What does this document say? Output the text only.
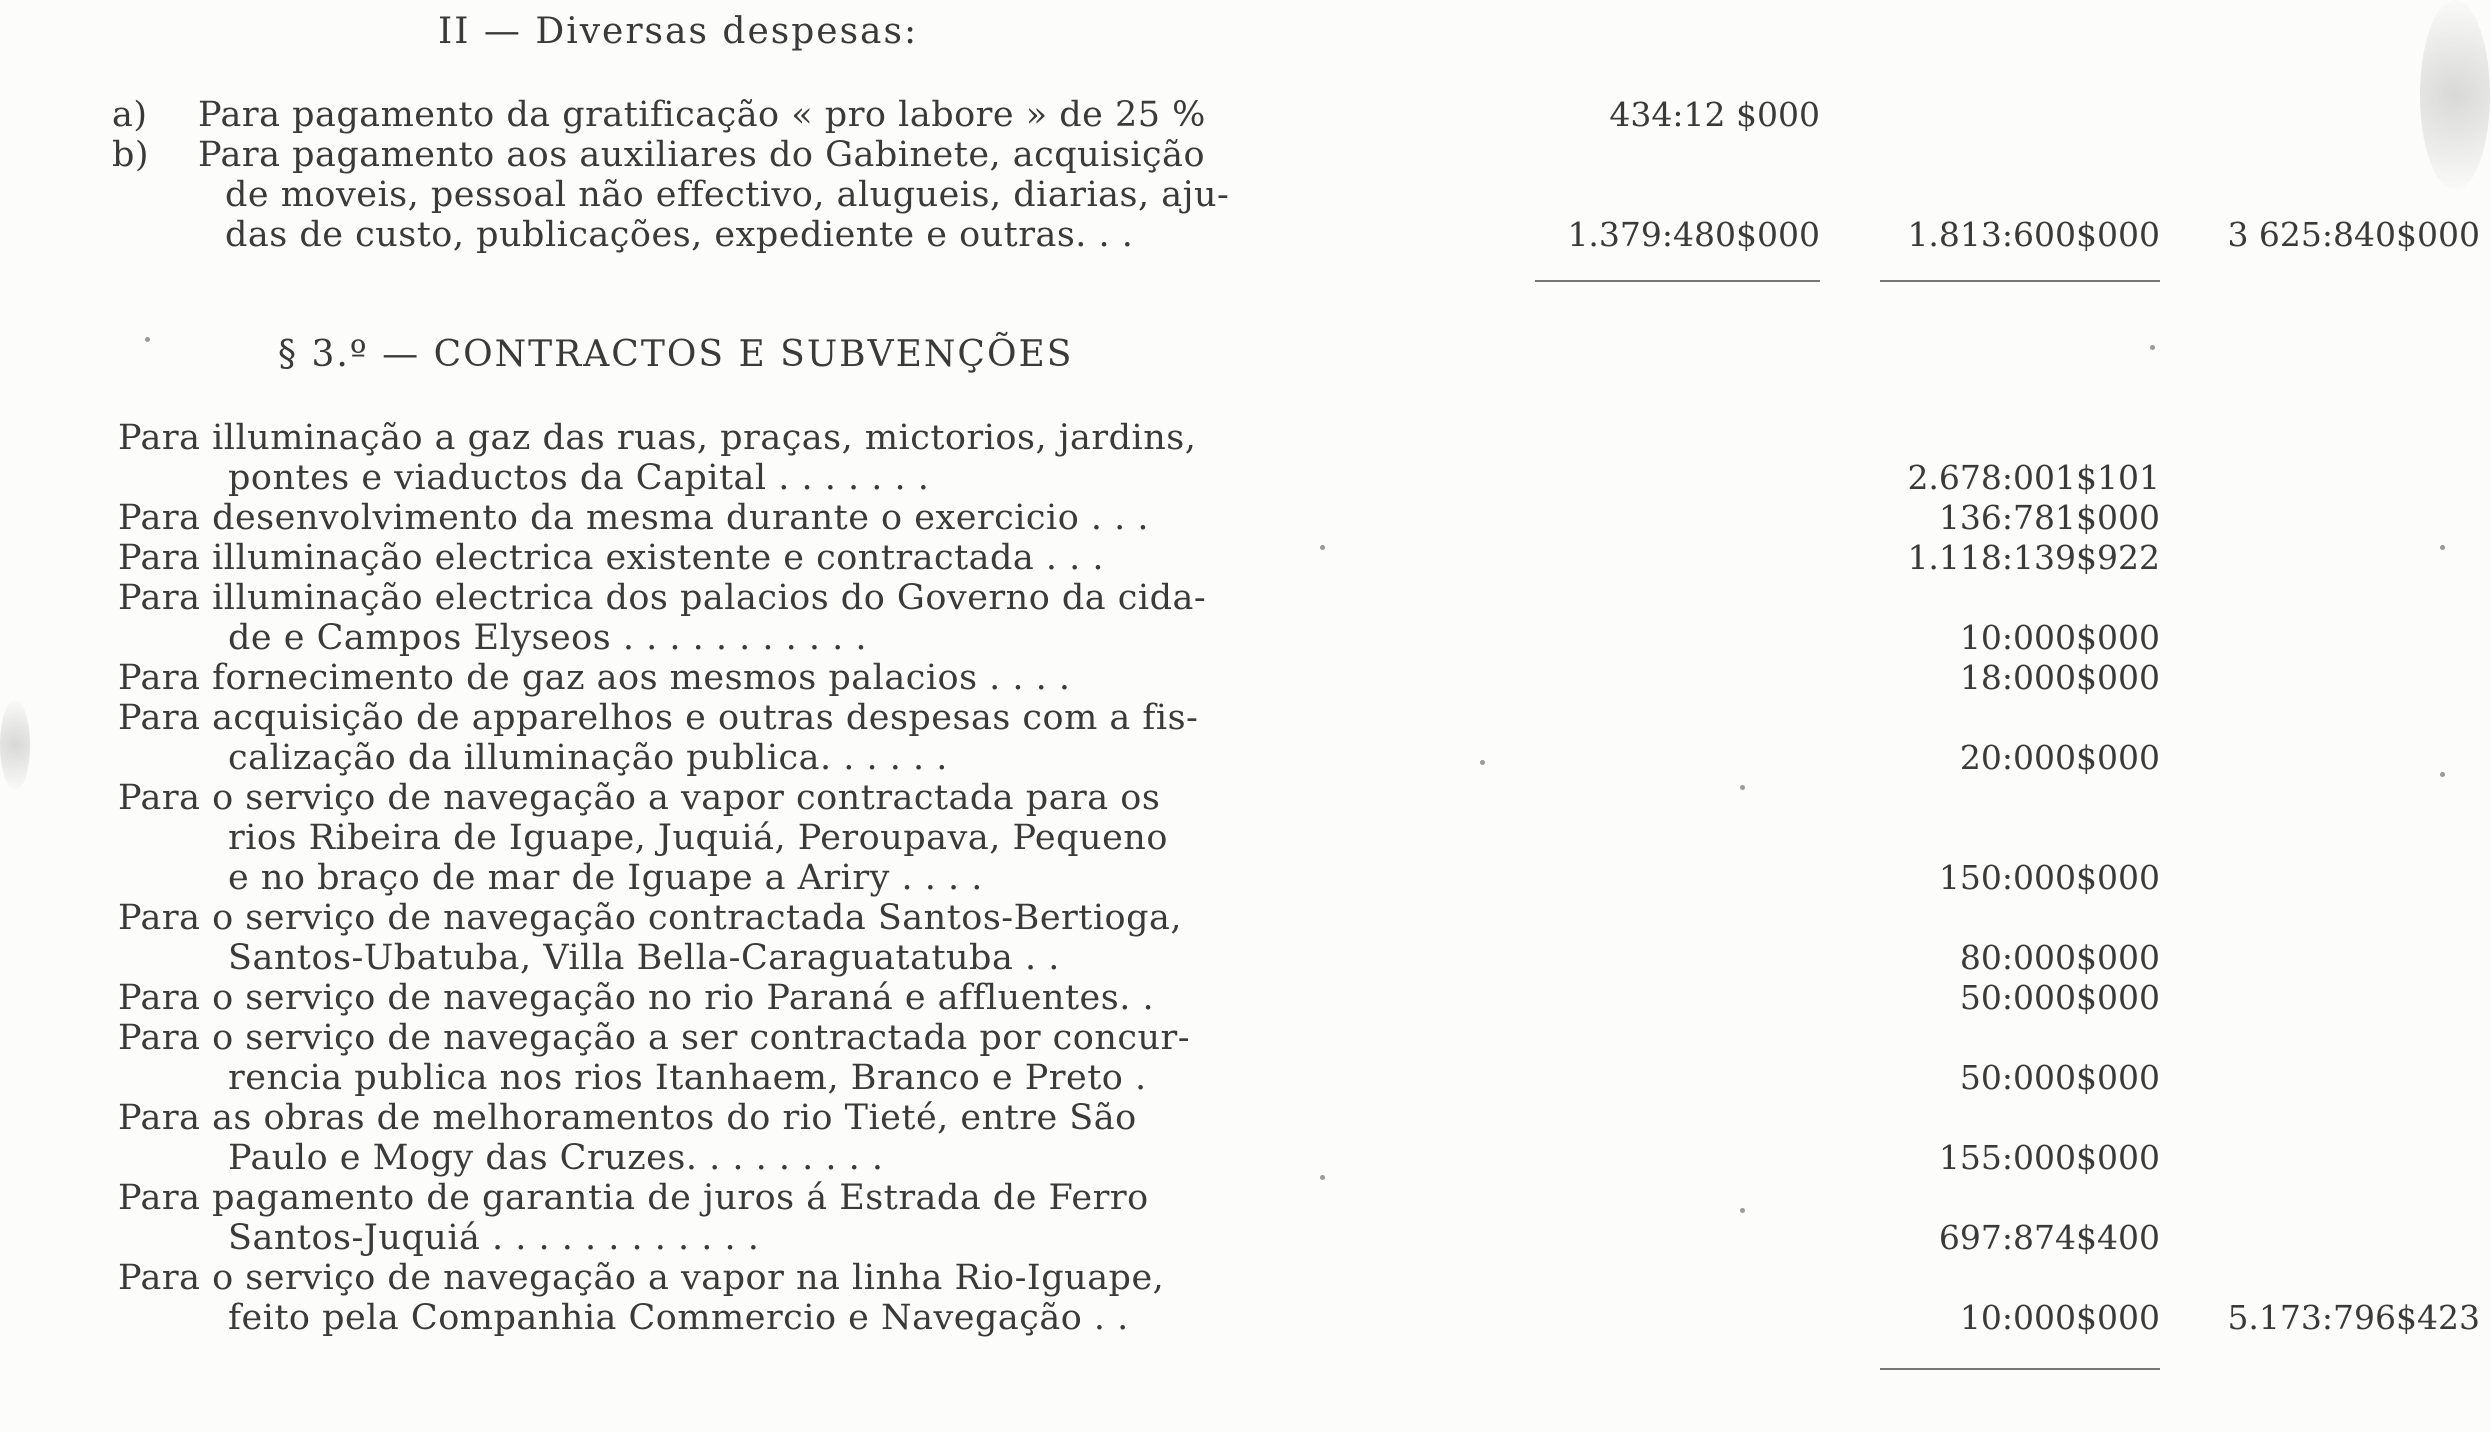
II — Diversas despesas:
a) Para pagamento da gratificação « pro labore » de 25 %	434:12 $000
b) Para pagamento aos auxiliares do Gabinete, acquisição
de moveis, pessoal não effectivo, alugueis, diarias, aju-
das de custo, publicações, expediente e outras. . .	1.379:480$000	1.813:600$000	3 625:840$000
§ 3.º — CONTRACTOS E SUBVENÇÕES
Para illuminação a gaz das ruas, praças, mictorios, jardins,
pontes e viaductos da Capital . . . . . . .	2.678:001$101
Para desenvolvimento da mesma durante o exercicio . . .	136:781$000
Para illuminação electrica existente e contractada . . .	1.118:139$922
Para illuminação electrica dos palacios do Governo da cida-
de e Campos Elyseos . . . . . . . . . . .	10:000$000
Para fornecimento de gaz aos mesmos palacios . . . .	18:000$000
Para acquisição de apparelhos e outras despesas com a fis-
calização da illuminação publica. . . . . .	20:000$000
Para o serviço de navegação a vapor contractada para os
rios Ribeira de Iguape, Juquiá, Peroupava, Pequeno
e no braço de mar de Iguape a Ariry . . . .	150:000$000
Para o serviço de navegação contractada Santos-Bertioga,
Santos-Ubatuba, Villa Bella-Caraguatatuba . .	80:000$000
Para o serviço de navegação no rio Paraná e affluentes. .	50:000$000
Para o serviço de navegação a ser contractada por concur-
rencia publica nos rios Itanhaem, Branco e Preto .	50:000$000
Para as obras de melhoramentos do rio Tieté, entre São
Paulo e Mogy das Cruzes. . . . . . . . .	155:000$000
Para pagamento de garantia de juros á Estrada de Ferro
Santos-Juquiá . . . . . . . . . . . .	697:874$400
Para o serviço de navegação a vapor na linha Rio-Iguape,
feito pela Companhia Commercio e Navegação . .	10:000$000	5.173:796$423
